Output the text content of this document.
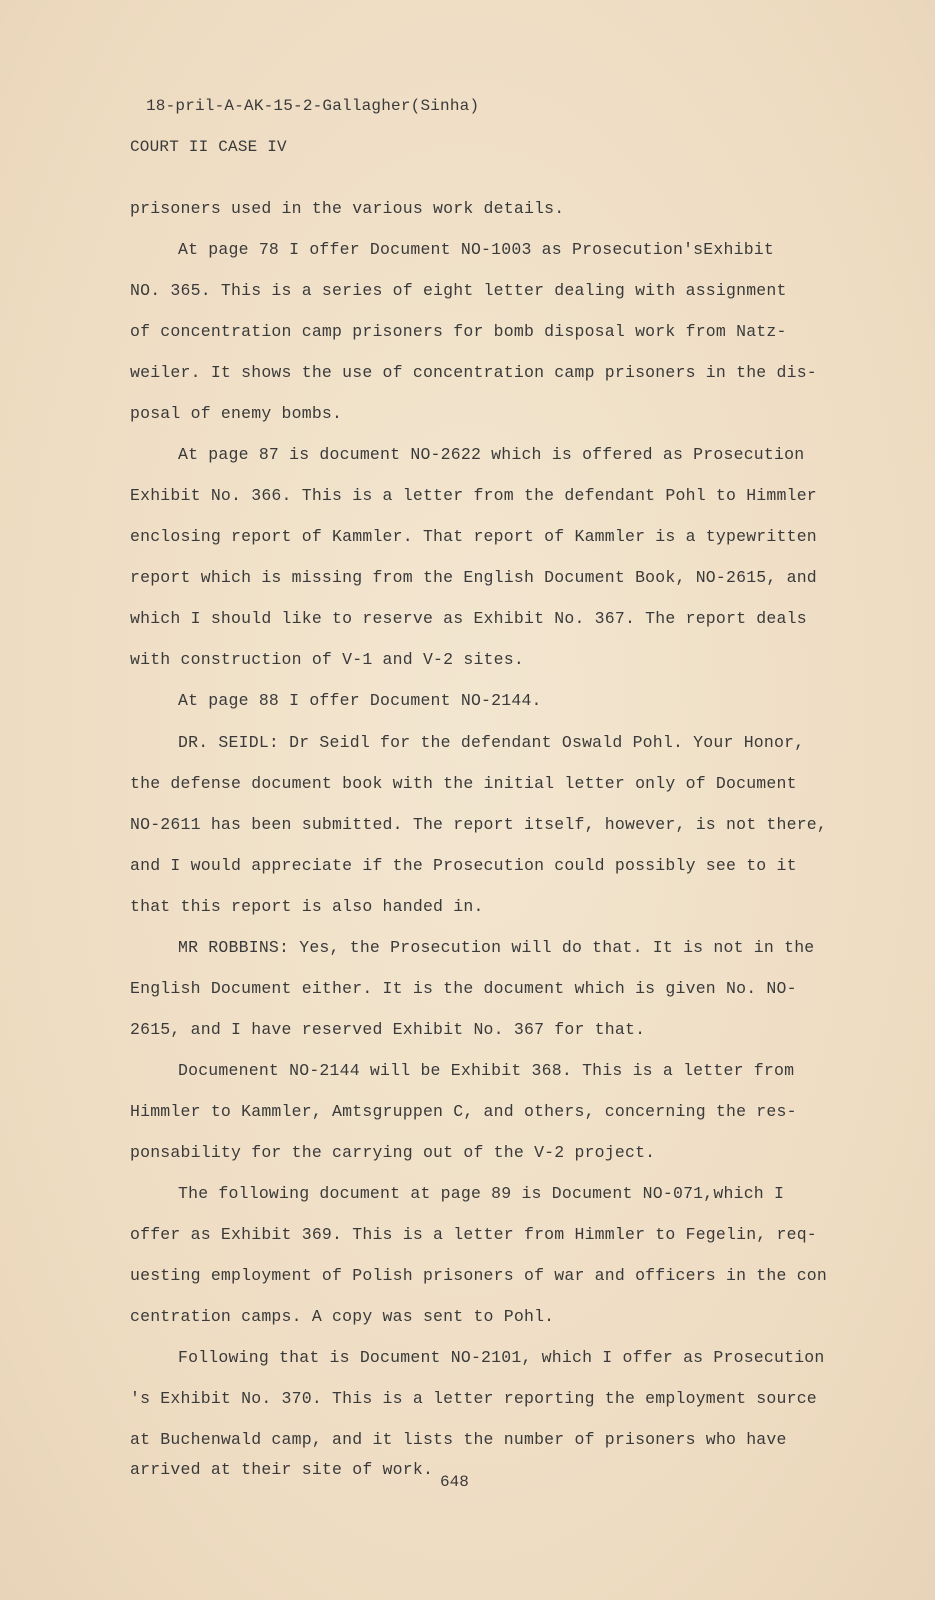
18-pril-A-AK-15-2-Gallagher(Sinha)
COURT II CASE IV
prisoners used in the various work details.
At page 78 I offer Document NO-1003 as Prosecution'sExhibit
NO. 365. This is a series of eight letter dealing with assignment
of concentration camp prisoners for bomb disposal work from Natz-
weiler. It shows the use of concentration camp prisoners in the dis-
posal of enemy bombs.
At page 87 is document NO-2622 which is offered as Prosecution
Exhibit No. 366. This is a letter from the defendant Pohl to Himmler
enclosing report of Kammler. That report of Kammler is a typewritten
report which is missing from the English Document Book, NO-2615, and
which I should like to reserve as Exhibit No. 367. The report deals
with construction of V-1 and V-2 sites.
At page 88 I offer Document NO-2144.
DR. SEIDL: Dr Seidl for the defendant Oswald Pohl. Your Honor,
the defense document book with the initial letter only of Document
NO-2611 has been submitted. The report itself, however, is not there,
and I would appreciate if the Prosecution could possibly see to it
that this report is also handed in.
MR ROBBINS: Yes, the Prosecution will do that. It is not in the
English Document either. It is the document which is given No. NO-
2615, and I have reserved Exhibit No. 367 for that.
Documenent NO-2144 will be Exhibit 368. This is a letter from
Himmler to Kammler, Amtsgruppen C, and others, concerning the res-
ponsability for the carrying out of the V-2 project.
The following document at page 89 is Document NO-071,which I
offer as Exhibit 369. This is a letter from Himmler to Fegelin, req-
uesting employment of Polish prisoners of war and officers in the con
centration camps. A copy was sent to Pohl.
Following that is Document NO-2101, which I offer as Prosecution
's Exhibit No. 370. This is a letter reporting the employment source
at Buchenwald camp, and it lists the number of prisoners who have
arrived at their site of work.
648
